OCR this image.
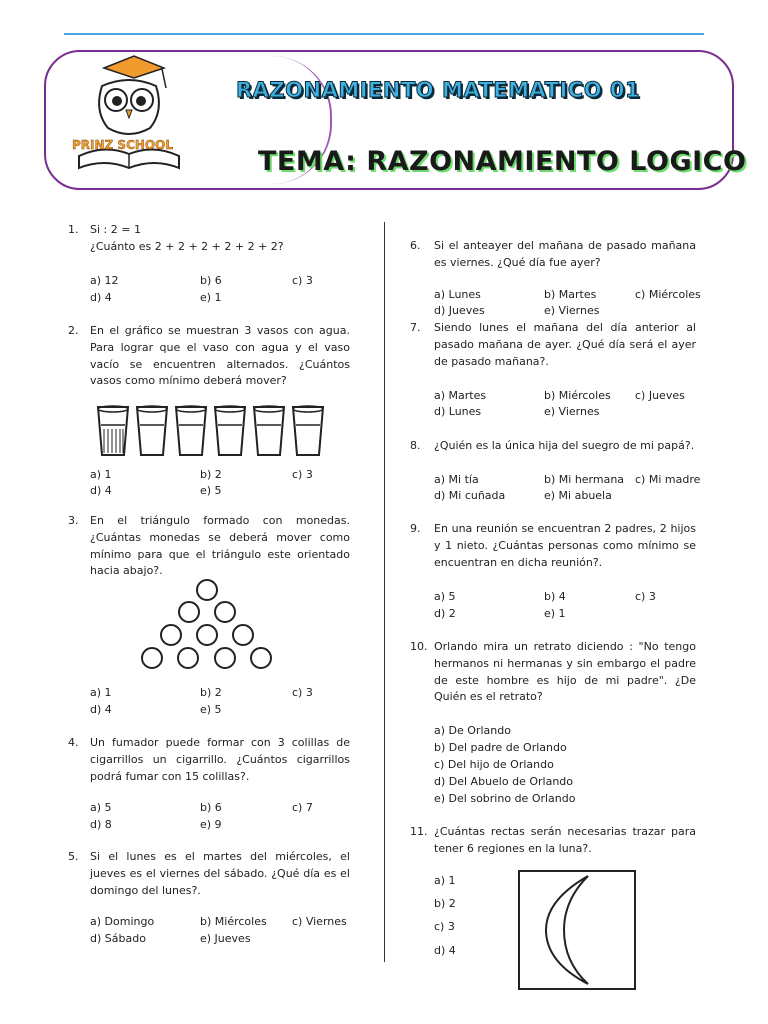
PRINZ SCHOOL
RAZONAMIENTO MATEMATICO 01
TEMA: RAZONAMIENTO LOGICO
1. Si : 2 = 1
¿Cuánto es 2 + 2 + 2 + 2 + 2 + 2?
a) 12	b) 6	c) 3
d) 4	e) 1
2. En el gráfico se muestran 3 vasos con agua. Para lograr que el vaso con agua y el vaso vacío se encuentren alternados. ¿Cuántos vasos como mínimo deberá mover?
a) 1	b) 2	c) 3
d) 4	e) 5
3. En el triángulo formado con monedas. ¿Cuántas monedas se deberá mover como mínimo para que el triángulo este orientado hacia abajo?.
a) 1	b) 2	c) 3
d) 4	e) 5
4. Un fumador puede formar con 3 colillas de cigarrillos un cigarrillo. ¿Cuántos cigarrillos podrá fumar con 15 colillas?.
a) 5	b) 6	c) 7
d) 8	e) 9
5. Si el lunes es el martes del miércoles, el jueves es el viernes del sábado. ¿Qué día es el domingo del lunes?.
a) Domingo	b) Miércoles c) Viernes
d) Sábado	e) Jueves
6. Si el anteayer del mañana de pasado mañana es viernes. ¿Qué día fue ayer?
a) Lunes	b) Martes	c) Miércoles
d) Jueves	e) Viernes
7. Siendo lunes el mañana del día anterior al pasado mañana de ayer. ¿Qué día será el ayer de pasado mañana?.
a) Martes	b) Miércoles c) Jueves
d) Lunes	e) Viernes
8. ¿Quién es la única hija del suegro de mi papá?.
a) Mi tía	b) Mi hermana c) Mi madre
d) Mi cuñada	e) Mi abuela
9. En una reunión se encuentran 2 padres, 2 hijos y 1 nieto. ¿Cuántas personas como mínimo se encuentran en dicha reunión?.
a) 5	b) 4	c) 3
d) 2	e) 1
10. Orlando mira un retrato diciendo : "No tengo hermanos ni hermanas y sin embargo el padre de este hombre es hijo de mi padre". ¿De Quién es el retrato?
a) De Orlando
b) Del padre de Orlando
c) Del hijo de Orlando
d) Del Abuelo de Orlando
e) Del sobrino de Orlando
11. ¿Cuántas rectas serán necesarias trazar para tener 6 regiones en la luna?.
a) 1
b) 2
c) 3
d) 4
